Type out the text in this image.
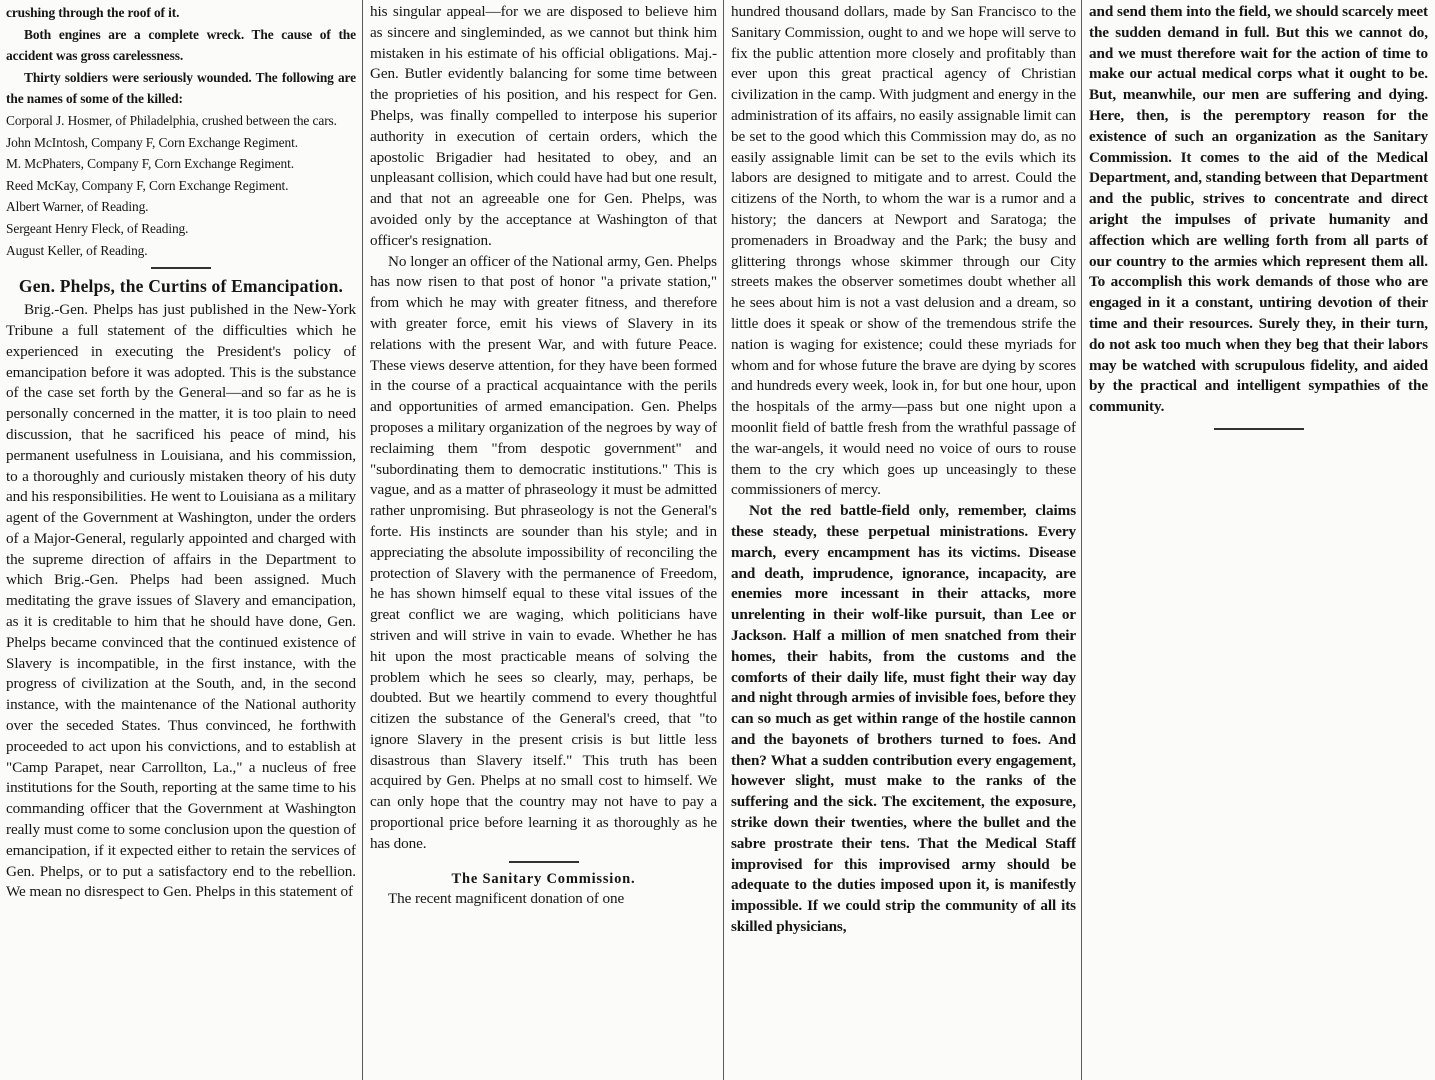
crushing through the roof of it.

Both engines are a complete wreck. The cause of the accident was gross carelessness.

Thirty soldiers were seriously wounded. The following are the names of some of the killed:

Corporal J. Hosmer, of Philadelphia, crushed between the cars.

John McIntosh, Company F, Corn Exchange Regiment.

M. McPhaters, Company F, Corn Exchange Regiment.

Reed McKay, Company F, Corn Exchange Regiment.

Albert Warner, of Reading.

Sergeant Henry Fleck, of Reading.

August Keller, of Reading.

Gen. Phelps, the Curtins of Emancipation.

Brig.-Gen. Phelps has just published in the New-York Tribune a full statement of the difficulties which he experienced in executing the President's policy of emancipation before it was adopted. This is the substance of the case set forth by the General—and so far as he is personally concerned in the matter, it is too plain to need discussion, that he sacrificed his peace of mind, his permanent usefulness in Louisiana, and his commission, to a thoroughly and curiously mistaken theory of his duty and his responsibilities. He went to Louisiana as a military agent of the Government at Washington, under the orders of a Major-General, regularly appointed and charged with the supreme direction of affairs in the Department to which Brig.-Gen. Phelps had been assigned. Much meditating the grave issues of Slavery and emancipation, as it is creditable to him that he should have done, Gen. Phelps became convinced that the continued existence of Slavery is incompatible, in the first instance, with the progress of civilization at the South, and, in the second instance, with the maintenance of the National authority over the seceded States. Thus convinced, he forthwith proceeded to act upon his convictions, and to establish at "Camp Parapet, near Carrollton, La.," a nucleus of free institutions for the South, reporting at the same time to his commanding officer that the Government at Washington really must come to some conclusion upon the question of emancipation, if it expected either to retain the services of Gen. Phelps, or to put a satisfactory end to the rebellion. We mean no disrespect to Gen. Phelps in this statement of

his singular appeal—for we are disposed to believe him as sincere and singleminded, as we cannot but think him mistaken in his estimate of his official obligations. Maj.-Gen. Butler evidently balancing for some time between the proprieties of his position, and his respect for Gen. Phelps, was finally compelled to interpose his superior authority in execution of certain orders, which the apostolic Brigadier had hesitated to obey, and an unpleasant collision, which could have had but one result, and that not an agreeable one for Gen. Phelps, was avoided only by the acceptance at Washington of that officer's resignation.

No longer an officer of the National army, Gen. Phelps has now risen to that post of honor "a private station," from which he may with greater fitness, and therefore with greater force, emit his views of Slavery in its relations with the present War, and with future Peace. These views deserve attention, for they have been formed in the course of a practical acquaintance with the perils and opportunities of armed emancipation. Gen. Phelps proposes a military organization of the negroes by way of reclaiming them "from despotic government" and "subordinating them to democratic institutions." This is vague, and as a matter of phraseology it must be admitted rather unpromising. But phraseology is not the General's forte. His instincts are sounder than his style; and in appreciating the absolute impossibility of reconciling the protection of Slavery with the permanence of Freedom, he has shown himself equal to these vital issues of the great conflict we are waging, which politicians have striven and will strive in vain to evade. Whether he has hit upon the most practicable means of solving the problem which he sees so clearly, may, perhaps, be doubted. But we heartily commend to every thoughtful citizen the substance of the General's creed, that "to ignore Slavery in the present crisis is but little less disastrous than Slavery itself." This truth has been acquired by Gen. Phelps at no small cost to himself. We can only hope that the country may not have to pay a proportional price before learning it as thoroughly as he has done.

The Sanitary Commission.

The recent magnificent donation of one

hundred thousand dollars, made by San Francisco to the Sanitary Commission, ought to and we hope will serve to fix the public attention more closely and profitably than ever upon this great practical agency of Christian civilization in the camp. With judgment and energy in the administration of its affairs, no easily assignable limit can be set to the good which this Commission may do, as no easily assignable limit can be set to the evils which its labors are designed to mitigate and to arrest. Could the citizens of the North, to whom the war is a rumor and a history; the dancers at Newport and Saratoga; the promenaders in Broadway and the Park; the busy and glittering throngs whose skimmer through our City streets makes the observer sometimes doubt whether all he sees about him is not a vast delusion and a dream, so little does it speak or show of the tremendous strife the nation is waging for existence; could these myriads for whom and for whose future the brave are dying by scores and hundreds every week, look in, for but one hour, upon the hospitals of the army—pass but one night upon a moonlit field of battle fresh from the wrathful passage of the war-angels, it would need no voice of ours to rouse them to the cry which goes up unceasingly to these commissioners of mercy.

Not the red battle-field only, remember, claims these steady, these perpetual ministrations. Every march, every encampment has its victims. Disease and death, imprudence, ignorance, incapacity, are enemies more incessant in their attacks, more unrelenting in their wolf-like pursuit, than Lee or Jackson. Half a million of men snatched from their homes, their habits, from the customs and the comforts of their daily life, must fight their way day and night through armies of invisible foes, before they can so much as get within range of the hostile cannon and the bayonets of brothers turned to foes. And then? What a sudden contribution every engagement, however slight, must make to the ranks of the suffering and the sick. The excitement, the exposure, strike down their twenties, where the bullet and the sabre prostrate their tens. That the Medical Staff improvised for this improvised army should be adequate to the duties imposed upon it, is manifestly impossible. If we could strip the community of all its skilled physicians,

and send them into the field, we should scarcely meet the sudden demand in full. But this we cannot do, and we must therefore wait for the action of time to make our actual medical corps what it ought to be. But, meanwhile, our men are suffering and dying. Here, then, is the peremptory reason for the existence of such an organization as the Sanitary Commission. It comes to the aid of the Medical Department, and, standing between that Department and the public, strives to concentrate and direct aright the impulses of private humanity and affection which are welling forth from all parts of our country to the armies which represent them all. To accomplish this work demands of those who are engaged in it a constant, untiring devotion of their time and their resources. Surely they, in their turn, do not ask too much when they beg that their labors may be watched with scrupulous fidelity, and aided by the practical and intelligent sympathies of the community.
